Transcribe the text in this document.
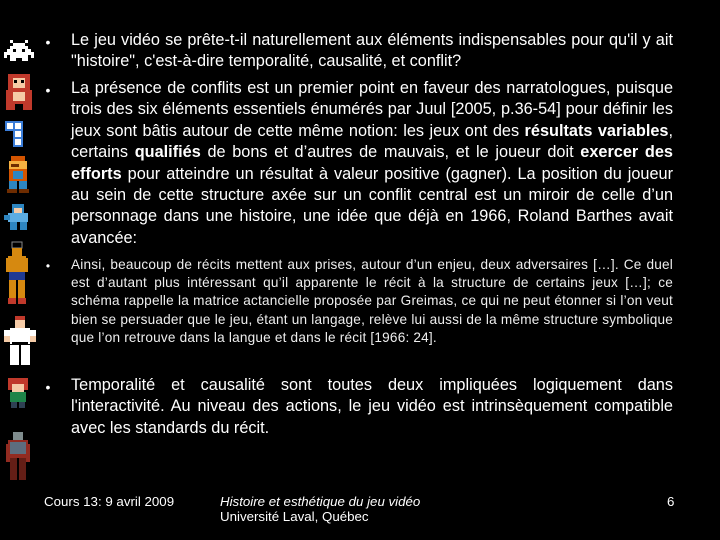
• Le jeu vidéo se prête-t-il naturellement aux éléments indispensables pour qu'il y ait "histoire", c'est-à-dire temporalité, causalité, et conflit?
• La présence de conflits est un premier point en faveur des narratologues, puisque trois des six éléments essentiels énumérés par Juul [2005, p.36-54] pour définir les jeux sont bâtis autour de cette même notion: les jeux ont des résultats variables, certains qualifiés de bons et d’autres de mauvais, et le joueur doit exercer des efforts pour atteindre un résultat à valeur positive (gagner). La position du joueur au sein de cette structure axée sur un conflit central est un miroir de celle d’un personnage dans une histoire, une idée que déjà en 1966, Roland Barthes avait avancée:
• Ainsi, beaucoup de récits mettent aux prises, autour d’un enjeu, deux adversaires […]. Ce duel est d’autant plus intéressant qu’il apparente le récit à la structure de certains jeux […]; ce schéma rappelle la matrice actancielle proposée par Greimas, ce qui ne peut étonner si l’on veut bien se persuader que le jeu, étant un langage, relève lui aussi de la même structure symbolique que l’on retrouve dans la langue et dans le récit [1966: 24].
• Temporalité et causalité sont toutes deux impliquées logiquement dans l'interactivité. Au niveau des actions, le jeu vidéo est intrinsèquement compatible avec les standards du récit.
Cours 13: 9 avril 2009	Histoire et esthétique du jeu vidéo
Université Laval, Québec
6
